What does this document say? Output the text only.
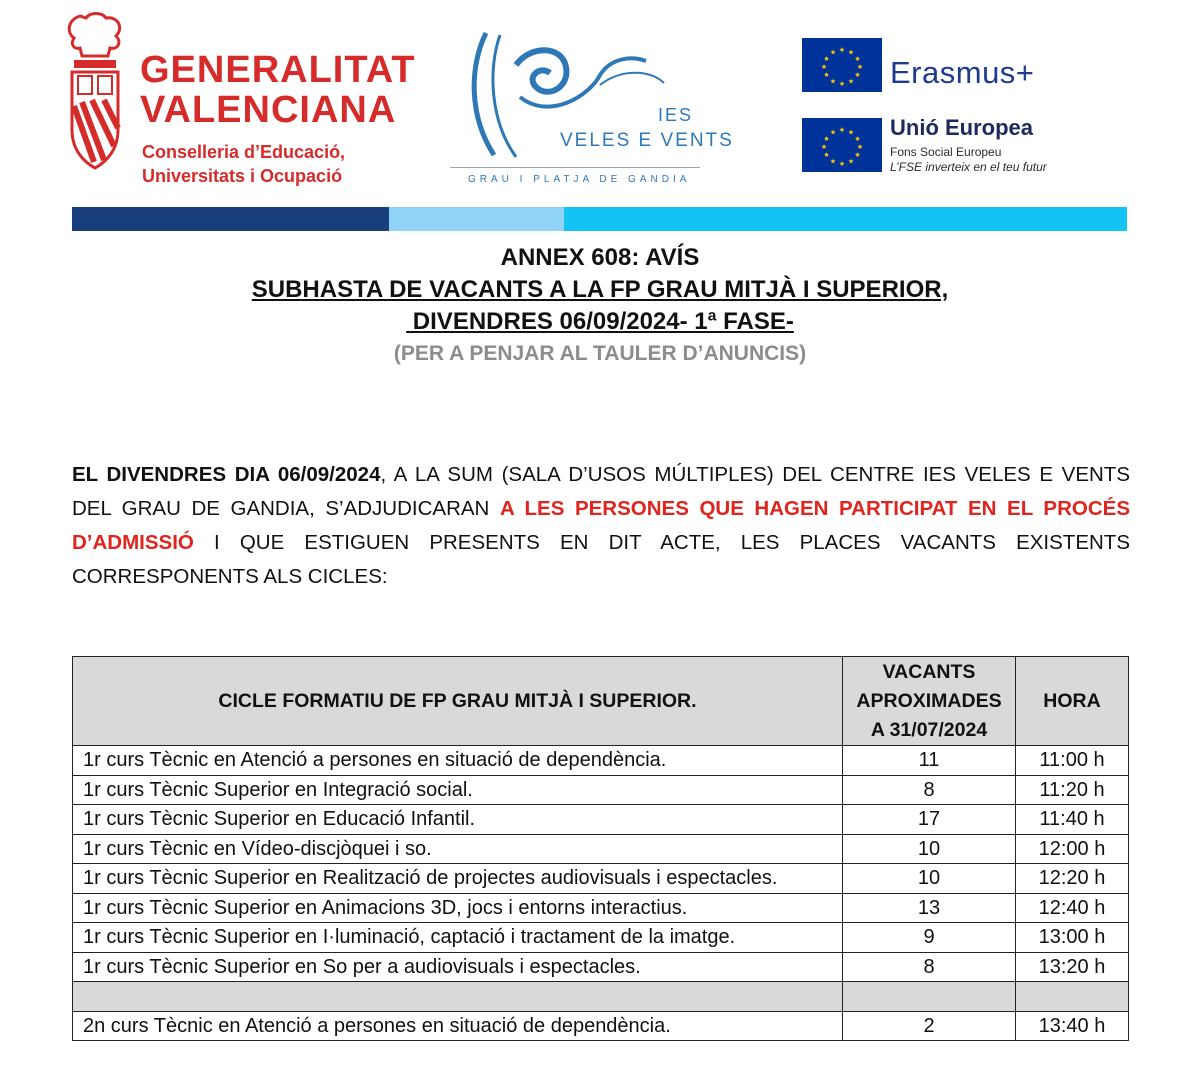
GENERALITAT
VALENCIANA
Conselleria d’Educació,
Universitats i Ocupació
IES
VELES E VENTS
GRAU I PLATJA DE GANDIA
★ ★
★
★
★
★
★
★
★
★
★
★
Erasmus+
★ ★
★
★
★
★
★
★
★
★
★
★ Unió Europea
Fons Social Europeu
L’FSE inverteix en el teu futur
ANNEX 608: AVÍS
SUBHASTA DE VACANTS A LA FP GRAU MITJÀ I SUPERIOR,
DIVENDRES 06/09/2024- 1ª FASE-
(PER A PENJAR AL TAULER D’ANUNCIS)
EL DIVENDRES DIA 06/09/2024, A LA SUM (SALA D’USOS MÚLTIPLES) DEL CENTRE IES VELES E VENTS DEL GRAU DE GANDIA, S’ADJUDICARAN A LES PERSONES QUE HAGEN PARTICIPAT EN EL PROCÉS D’ADMISSIÓ I QUE ESTIGUEN PRESENTS EN DIT ACTE, LES PLACES VACANTS EXISTENTS CORRESPONENTS ALS CICLES:
CICLE FORMATIU DE FP GRAU MITJÀ I SUPERIOR.	VACANTS
APROXIMADES
A 31/07/2024	HORA
1r curs Tècnic en Atenció a persones en situació de dependència.	11	11:00 h
1r curs Tècnic Superior en Integració social.	8	11:20 h
1r curs Tècnic Superior en Educació Infantil.	17	11:40 h
1r curs Tècnic en Vídeo-discjòquei i so.	10	12:00 h
1r curs Tècnic Superior en Realització de projectes audiovisuals i espectacles.	10	12:20 h
1r curs Tècnic Superior en Animacions 3D, jocs i entorns interactius.	13	12:40 h
1r curs Tècnic Superior en I·luminació, captació i tractament de la imatge.	9	13:00 h
1r curs Tècnic Superior en So per a audiovisuals i espectacles.	8	13:20 h

2n curs Tècnic en Atenció a persones en situació de dependència.	2	13:40 h
